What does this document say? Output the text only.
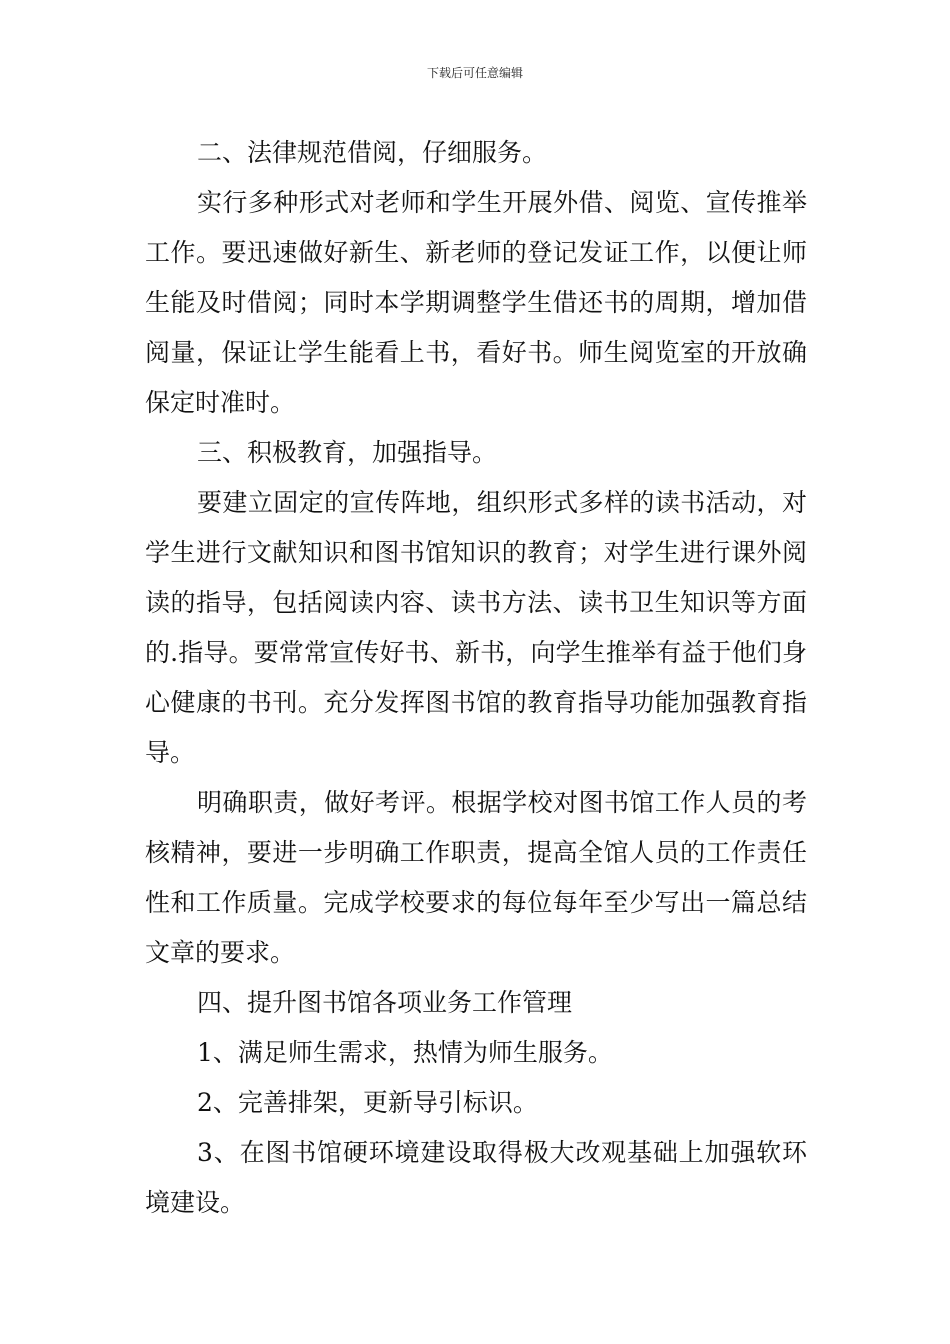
下载后可任意编辑

二、法律规范借阅，仔细服务。

实行多种形式对老师和学生开展外借、阅览、宣传推举工作。要迅速做好新生、新老师的登记发证工作，以便让师生能及时借阅；同时本学期调整学生借还书的周期，增加借阅量，保证让学生能看上书，看好书。师生阅览室的开放确保定时准时。

三、积极教育，加强指导。

要建立固定的宣传阵地，组织形式多样的读书活动，对学生进行文献知识和图书馆知识的教育；对学生进行课外阅读的指导，包括阅读内容、读书方法、读书卫生知识等方面的.指导。要常常宣传好书、新书，向学生推举有益于他们身心健康的书刊。充分发挥图书馆的教育指导功能加强教育指导。

明确职责，做好考评。根据学校对图书馆工作人员的考核精神，要进一步明确工作职责，提高全馆人员的工作责任性和工作质量。完成学校要求的每位每年至少写出一篇总结文章的要求。

四、提升图书馆各项业务工作管理

1、满足师生需求，热情为师生服务。

2、完善排架，更新导引标识。

3、在图书馆硬环境建设取得极大改观基础上加强软环境建设。
